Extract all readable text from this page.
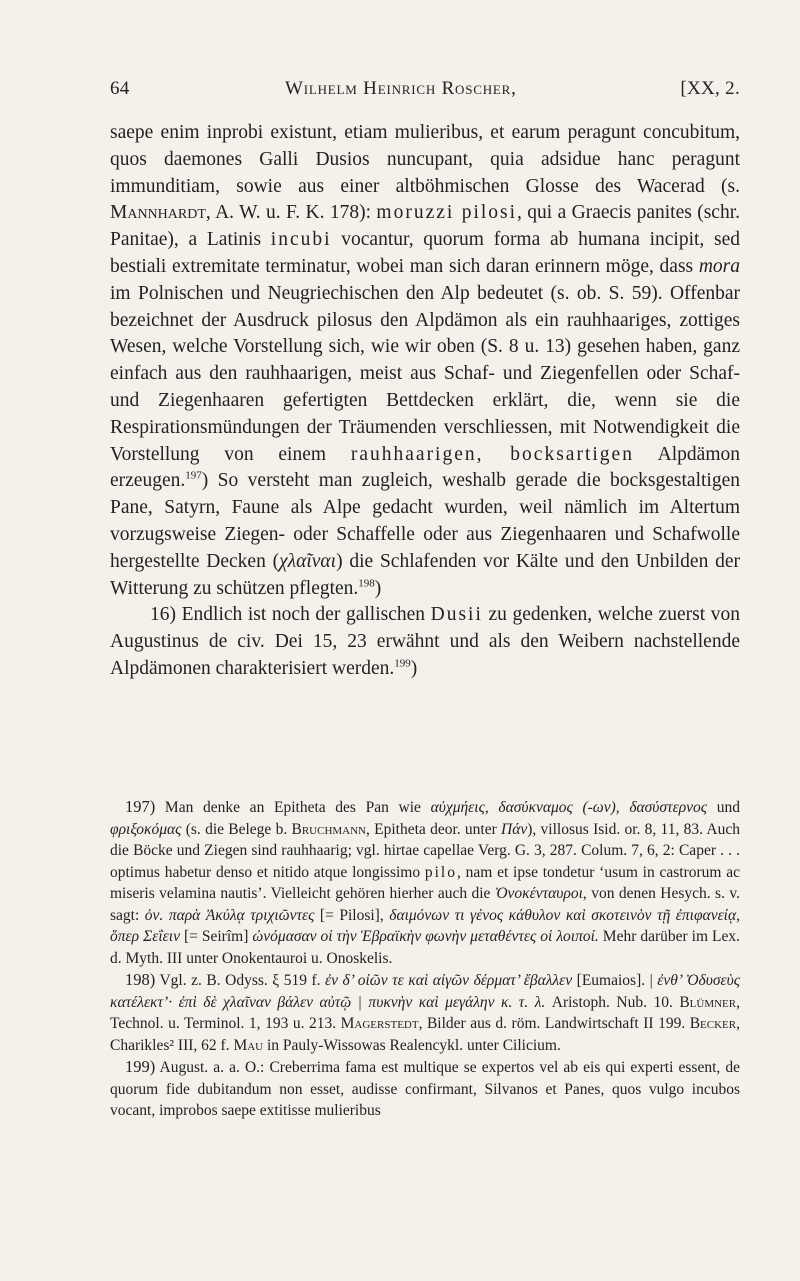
64	Wilhelm Heinrich Roscher,	[XX, 2.

saepe enim inprobi existunt, etiam mulieribus, et earum peragunt concubitum, quos daemones Galli Dusios nuncupant, quia adsidue hanc peragunt immunditiam, sowie aus einer altböhmischen Glosse des Wacerad (s. Mannhardt, A. W. u. F. K. 178): moruzzi pilosi, qui a Graecis panites (schr. Panitae), a Latinis incubi vocantur, quorum forma ab humana incipit, sed bestiali extremitate terminatur, wobei man sich daran erinnern möge, dass mora im Polnischen und Neugriechischen den Alp bedeutet (s. ob. S. 59). Offenbar bezeichnet der Ausdruck pilosus den Alpdämon als ein rauhhaariges, zottiges Wesen, welche Vorstellung sich, wie wir oben (S. 8 u. 13) gesehen haben, ganz einfach aus den rauhhaarigen, meist aus Schaf- und Ziegenfellen oder Schaf- und Ziegenhaaren gefertigten Bettdecken erklärt, die, wenn sie die Respirationsmündungen der Träumenden verschliessen, mit Notwendigkeit die Vorstellung von einem rauhhaarigen, bocksartigen Alpdämon erzeugen.$^{197}$) So versteht man zugleich, weshalb gerade die bocksgestaltigen Pane, Satyrn, Faune als Alpe gedacht wurden, weil nämlich im Altertum vorzugsweise Ziegen- oder Schaffelle oder aus Ziegenhaaren und Schafwolle hergestellte Decken (χλαῖναι) die Schlafenden vor Kälte und den Unbilden der Witterung zu schützen pflegten.$^{198}$)

16) Endlich ist noch der gallischen Dusii zu gedenken, welche zuerst von Augustinus de civ. Dei 15, 23 erwähnt und als den Weibern nachstellende Alpdämonen charakterisiert werden.$^{199}$)

197) Man denke an Epitheta des Pan wie αὐχμήεις, δασύκναμος (-ων), δασύστερνος und φριξοκόμας (s. die Belege b. Bruchmann, Epitheta deor. unter Πάν), villosus Isid. or. 8, 11, 83. Auch die Böcke und Ziegen sind rauhhaarig; vgl. hirtae capellae Verg. G. 3, 287. Colum. 7, 6, 2: Caper . . . optimus habetur denso et nitido atque longissimo pilo, nam et ipse tondetur ‘usum in castrorum ac miseris velamina nautis’. Vielleicht gehören hierher auch die Ὀνοκένταυροι, von denen Hesych. s. v. sagt: ὀν. παρὰ Ἀκύλᾳ τριχιῶντες [= Pilosi], δαιμόνων τι γένος κάθυλον καὶ σκοτεινὸν τῇ ἐπιφανείᾳ, ὅπερ Σεΐειν [= Seirîm] ὠνόμασαν οἱ τὴν Ἑβραϊκὴν φωνὴν μεταθέντες οἱ λοιποί. Mehr darüber im Lex. d. Myth. III unter Onokentauroi u. Onoskelis.

198) Vgl. z. B. Odyss. ξ 519 f. ἐν δ’ οἰῶν τε καὶ αἰγῶν δέρματ’ ἔβαλλεν [Eumaios]. | ἐνθ’ Ὀδυσεὺς κατέλεκτ’· ἐπὶ δὲ χλαῖναν βάλεν αὐτῷ | πυκνὴν καὶ μεγάλην κ. τ. λ. Aristoph. Nub. 10. Blümner, Technol. u. Terminol. 1, 193 u. 213. Magerstedt, Bilder aus d. röm. Landwirtschaft II 199. Becker, Charikles² III, 62 f. Mau in Pauly-Wissowas Realencykl. unter Cilicium.

199) August. a. a. O.: Creberrima fama est multique se expertos vel ab eis qui experti essent, de quorum fide dubitandum non esset, audisse confirmant, Silvanos et Panes, quos vulgo incubos vocant, improbos saepe extitisse mulieribus
